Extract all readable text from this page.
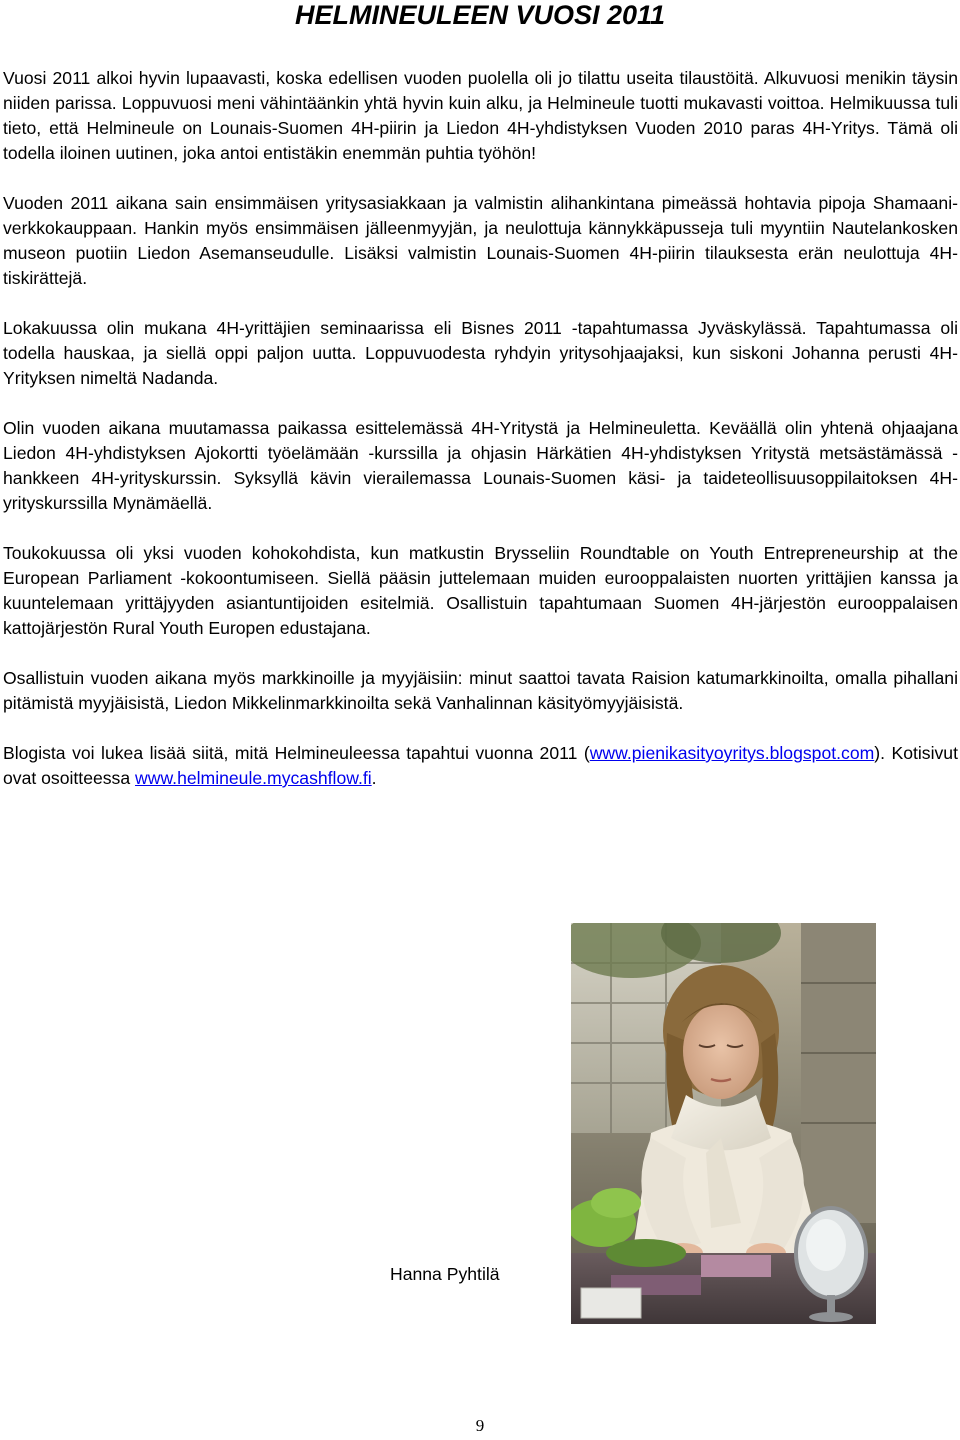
HELMINEULEEN VUOSI 2011

Vuosi 2011 alkoi hyvin lupaavasti, koska edellisen vuoden puolella oli jo tilattu useita tilaustöitä. Alkuvuosi menikin täysin niiden parissa. Loppuvuosi meni vähintäänkin yhtä hyvin kuin alku, ja Helmineule tuotti mukavasti voittoa. Helmikuussa tuli tieto, että Helmineule on Lounais-Suomen 4H-piirin ja Liedon 4H-yhdistyksen Vuoden 2010 paras 4H-Yritys. Tämä oli todella iloinen uutinen, joka antoi entistäkin enemmän puhtia työhön!

Vuoden 2011 aikana sain ensimmäisen yritysasiakkaan ja valmistin alihankintana pimeässä hohtavia pipoja Shamaani-verkkokauppaan. Hankin myös ensimmäisen jälleenmyyjän, ja neulottuja kännykkäpusseja tuli myyntiin Nautelankosken museon puotiin Liedon Asemanseudulle. Lisäksi valmistin Lounais-Suomen 4H-piirin tilauksesta erän neulottuja 4H-tiskirättejä.

Lokakuussa olin mukana 4H-yrittäjien seminaarissa eli Bisnes 2011 -tapahtumassa Jyväskylässä. Tapahtumassa oli todella hauskaa, ja siellä oppi paljon uutta. Loppuvuodesta ryhdyin yritysohjaajaksi, kun siskoni Johanna perusti 4H-Yrityksen nimeltä Nadanda.

Olin vuoden aikana muutamassa paikassa esittelemässä 4H-Yritystä ja Helmineuletta. Keväällä olin yhtenä ohjaajana Liedon 4H-yhdistyksen Ajokortti työelämään -kurssilla ja ohjasin Härkätien 4H-yhdistyksen Yritystä metsästämässä -hankkeen 4H-yrityskurssin. Syksyllä kävin vierailemassa Lounais-Suomen käsi- ja taideteollisuusoppilaitoksen 4H-yrityskurssilla Mynämäellä.

Toukokuussa oli yksi vuoden kohokohdista, kun matkustin Brysseliin Roundtable on Youth Entrepreneurship at the European Parliament -kokoontumiseen. Siellä pääsin juttelemaan muiden eurooppalaisten nuorten yrittäjien kanssa ja kuuntelemaan yrittäjyyden asiantuntijoiden esitelmiä. Osallistuin tapahtumaan Suomen 4H-järjestön eurooppalaisen kattojärjestön Rural Youth Europen edustajana.

Osallistuin vuoden aikana myös markkinoille ja myyjäisiin: minut saattoi tavata Raision katumarkkinoilta, omalla pihallani pitämistä myyjäisistä, Liedon Mikkelinmarkkinoilta sekä Vanhalinnan käsityömyyjäisistä.

Blogista voi lukea lisää siitä, mitä Helmineuleessa tapahtui vuonna 2011 (www.pienikasityoyritys.blogspot.com). Kotisivut ovat osoitteessa www.helmineule.mycashflow.fi.

Hanna Pyhtilä

9
